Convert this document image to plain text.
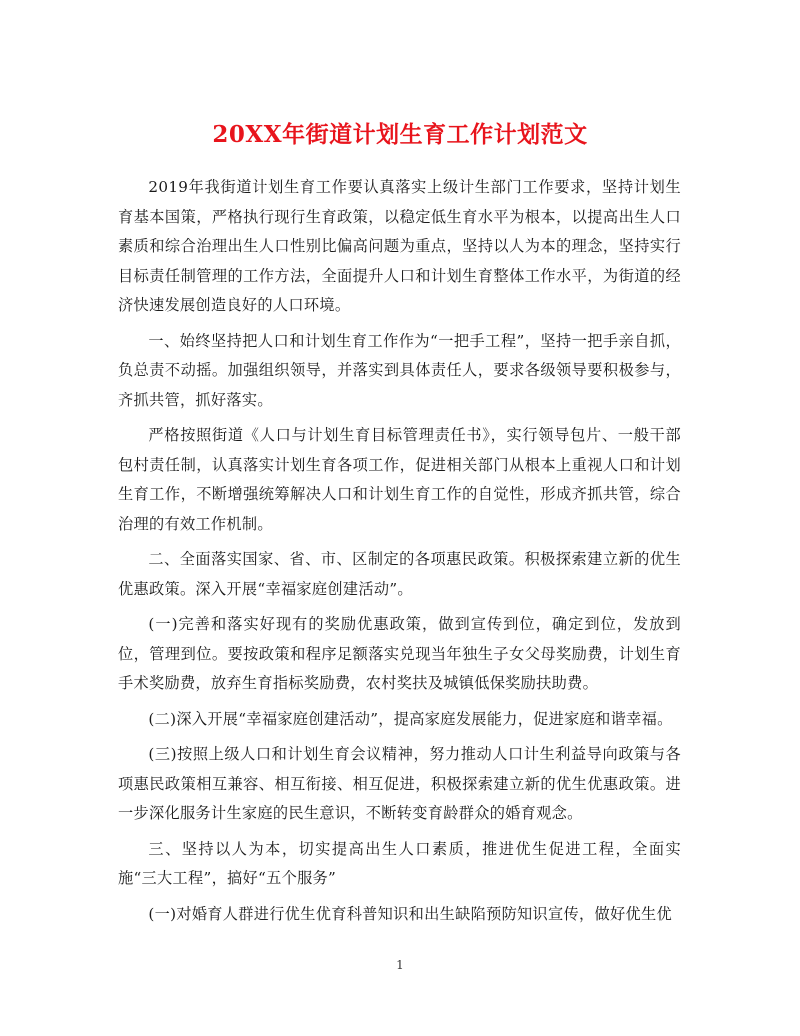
20XX年街道计划生育工作计划范文

2019年我街道计划生育工作要认真落实上级计生部门工作要求，坚持计划生育基本国策，严格执行现行生育政策，以稳定低生育水平为根本，以提高出生人口素质和综合治理出生人口性别比偏高问题为重点，坚持以人为本的理念，坚持实行目标责任制管理的工作方法，全面提升人口和计划生育整体工作水平，为街道的经济快速发展创造良好的人口环境。

一、始终坚持把人口和计划生育工作作为“一把手工程”，坚持一把手亲自抓，负总责不动摇。加强组织领导，并落实到具体责任人，要求各级领导要积极参与，齐抓共管，抓好落实。

严格按照街道《人口与计划生育目标管理责任书》，实行领导包片、一般干部包村责任制，认真落实计划生育各项工作，促进相关部门从根本上重视人口和计划生育工作，不断增强统筹解决人口和计划生育工作的自觉性，形成齐抓共管，综合治理的有效工作机制。

二、全面落实国家、省、市、区制定的各项惠民政策。积极探索建立新的优生优惠政策。深入开展“幸福家庭创建活动”。

(一)完善和落实好现有的奖励优惠政策，做到宣传到位，确定到位，发放到位，管理到位。要按政策和程序足额落实兑现当年独生子女父母奖励费，计划生育手术奖励费，放弃生育指标奖励费，农村奖扶及城镇低保奖励扶助费。

(二)深入开展“幸福家庭创建活动”，提高家庭发展能力，促进家庭和谐幸福。

(三)按照上级人口和计划生育会议精神，努力推动人口计生利益导向政策与各项惠民政策相互兼容、相互衔接、相互促进，积极探索建立新的优生优惠政策。进一步深化服务计生家庭的民生意识，不断转变育龄群众的婚育观念。

三、坚持以人为本，切实提高出生人口素质，推进优生促进工程，全面实施“三大工程”，搞好“五个服务”

(一)对婚育人群进行优生优育科普知识和出生缺陷预防知识宣传，做好优生优

1
